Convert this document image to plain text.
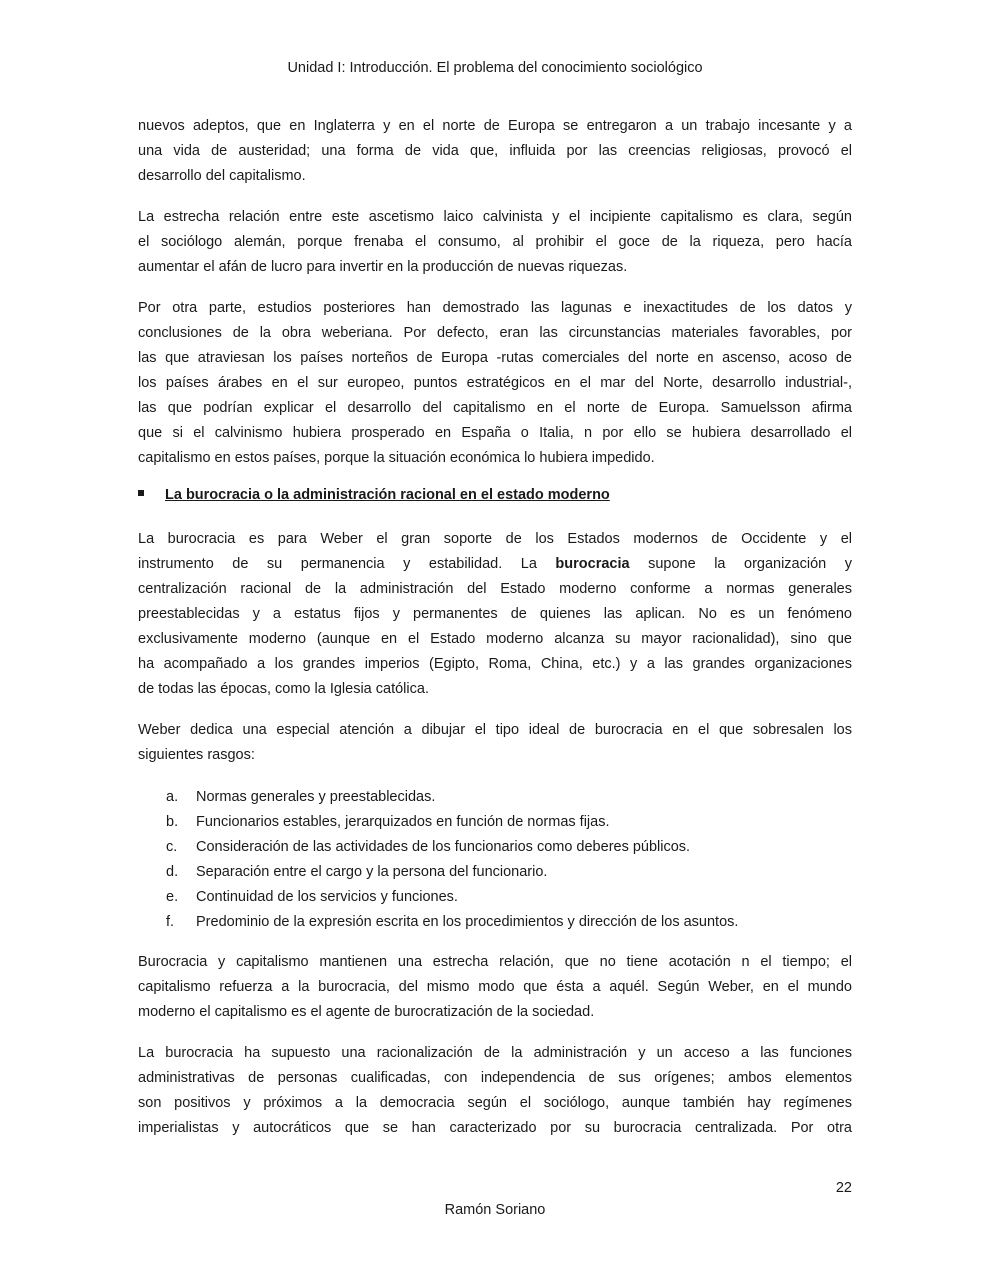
Unidad I: Introducción. El problema del conocimiento sociológico
nuevos adeptos, que en Inglaterra y en el norte de Europa se entregaron a un trabajo incesante y a
una vida de austeridad; una forma de vida que, influida por las creencias religiosas, provocó el
desarrollo del capitalismo.
La estrecha relación entre este ascetismo laico calvinista y el incipiente capitalismo es clara, según
el sociólogo alemán, porque frenaba el consumo, al prohibir el goce de la riqueza, pero hacía
aumentar el afán de lucro para invertir en la producción de nuevas riquezas.
Por otra parte, estudios posteriores han demostrado las lagunas e inexactitudes de los datos y
conclusiones de la obra weberiana. Por defecto, eran las circunstancias materiales favorables, por
las que atraviesan los países norteños de Europa -rutas comerciales del norte en ascenso, acoso de
los países árabes en el sur europeo, puntos estratégicos en el mar del Norte, desarrollo industrial-,
las que podrían explicar el desarrollo del capitalismo en el norte de Europa. Samuelsson afirma
que si el calvinismo hubiera prosperado en España o Italia, n por ello se hubiera desarrollado el
capitalismo en estos países, porque la situación económica lo hubiera impedido.
La burocracia o la administración racional en el estado moderno
La burocracia es para Weber el gran soporte de los Estados modernos de Occidente y el
instrumento de su permanencia y estabilidad. La burocracia supone la organización y
centralización racional de la administración del Estado moderno conforme a normas generales
preestablecidas y a estatus fijos y permanentes de quienes las aplican. No es un fenómeno
exclusivamente moderno (aunque en el Estado moderno alcanza su mayor racionalidad), sino que
ha acompañado a los grandes imperios (Egipto, Roma, China, etc.) y a las grandes organizaciones
de todas las épocas, como la Iglesia católica.
Weber dedica una especial atención a dibujar el tipo ideal de burocracia en el que sobresalen los
siguientes rasgos:
a.	Normas generales y preestablecidas.
b.	Funcionarios estables, jerarquizados en función de normas fijas.
c.	Consideración de las actividades de los funcionarios como deberes públicos.
d.	Separación entre el cargo y la persona del funcionario.
e.	Continuidad de los servicios y funciones.
f.	Predominio de la expresión escrita en los procedimientos y dirección de los asuntos.
Burocracia y capitalismo mantienen una estrecha relación, que no tiene acotación n el tiempo; el
capitalismo refuerza a la burocracia, del mismo modo que ésta a aquél. Según Weber, en el mundo
moderno el capitalismo es el agente de burocratización de la sociedad.
La burocracia ha supuesto una racionalización de la administración y un acceso a las funciones
administrativas de personas cualificadas, con independencia de sus orígenes; ambos elementos
son positivos y próximos a la democracia según el sociólogo, aunque también hay regímenes
imperialistas y autocráticos que se han caracterizado por su burocracia centralizada. Por otra
22
Ramón Soriano
